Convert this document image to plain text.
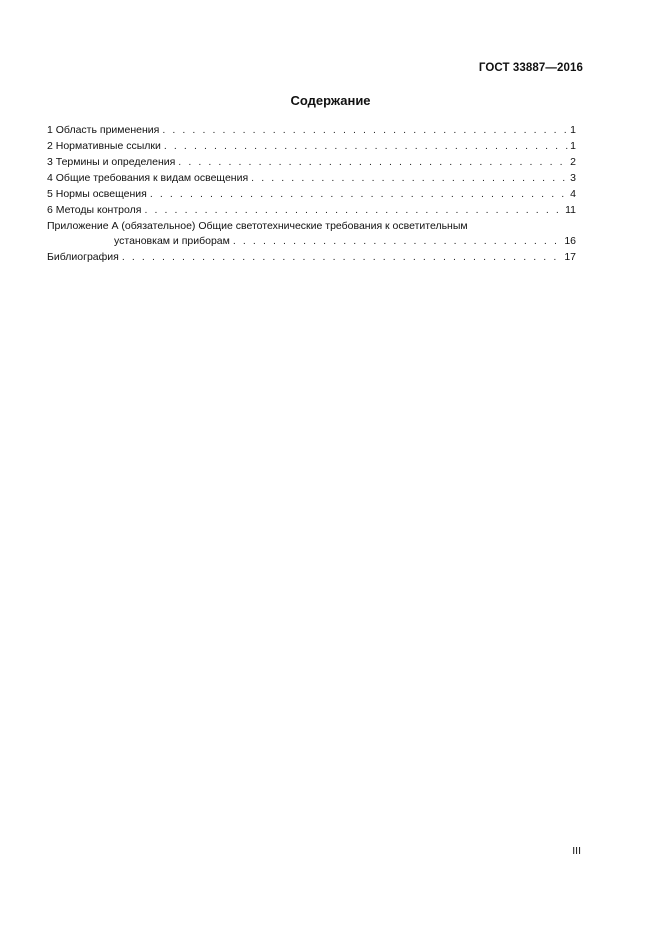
ГОСТ 33887—2016
Содержание
1 Область применения . . .	1
2 Нормативные ссылки . . .	1
3 Термины и определения . . .	2
4 Общие требования к видам освещения . . .	3
5 Нормы освещения . . .	4
6 Методы контроля . . .	11
Приложение А (обязательное) Общие светотехнические требования к осветительным
установкам и приборам . . .	16
Библиография . . .	17
III
